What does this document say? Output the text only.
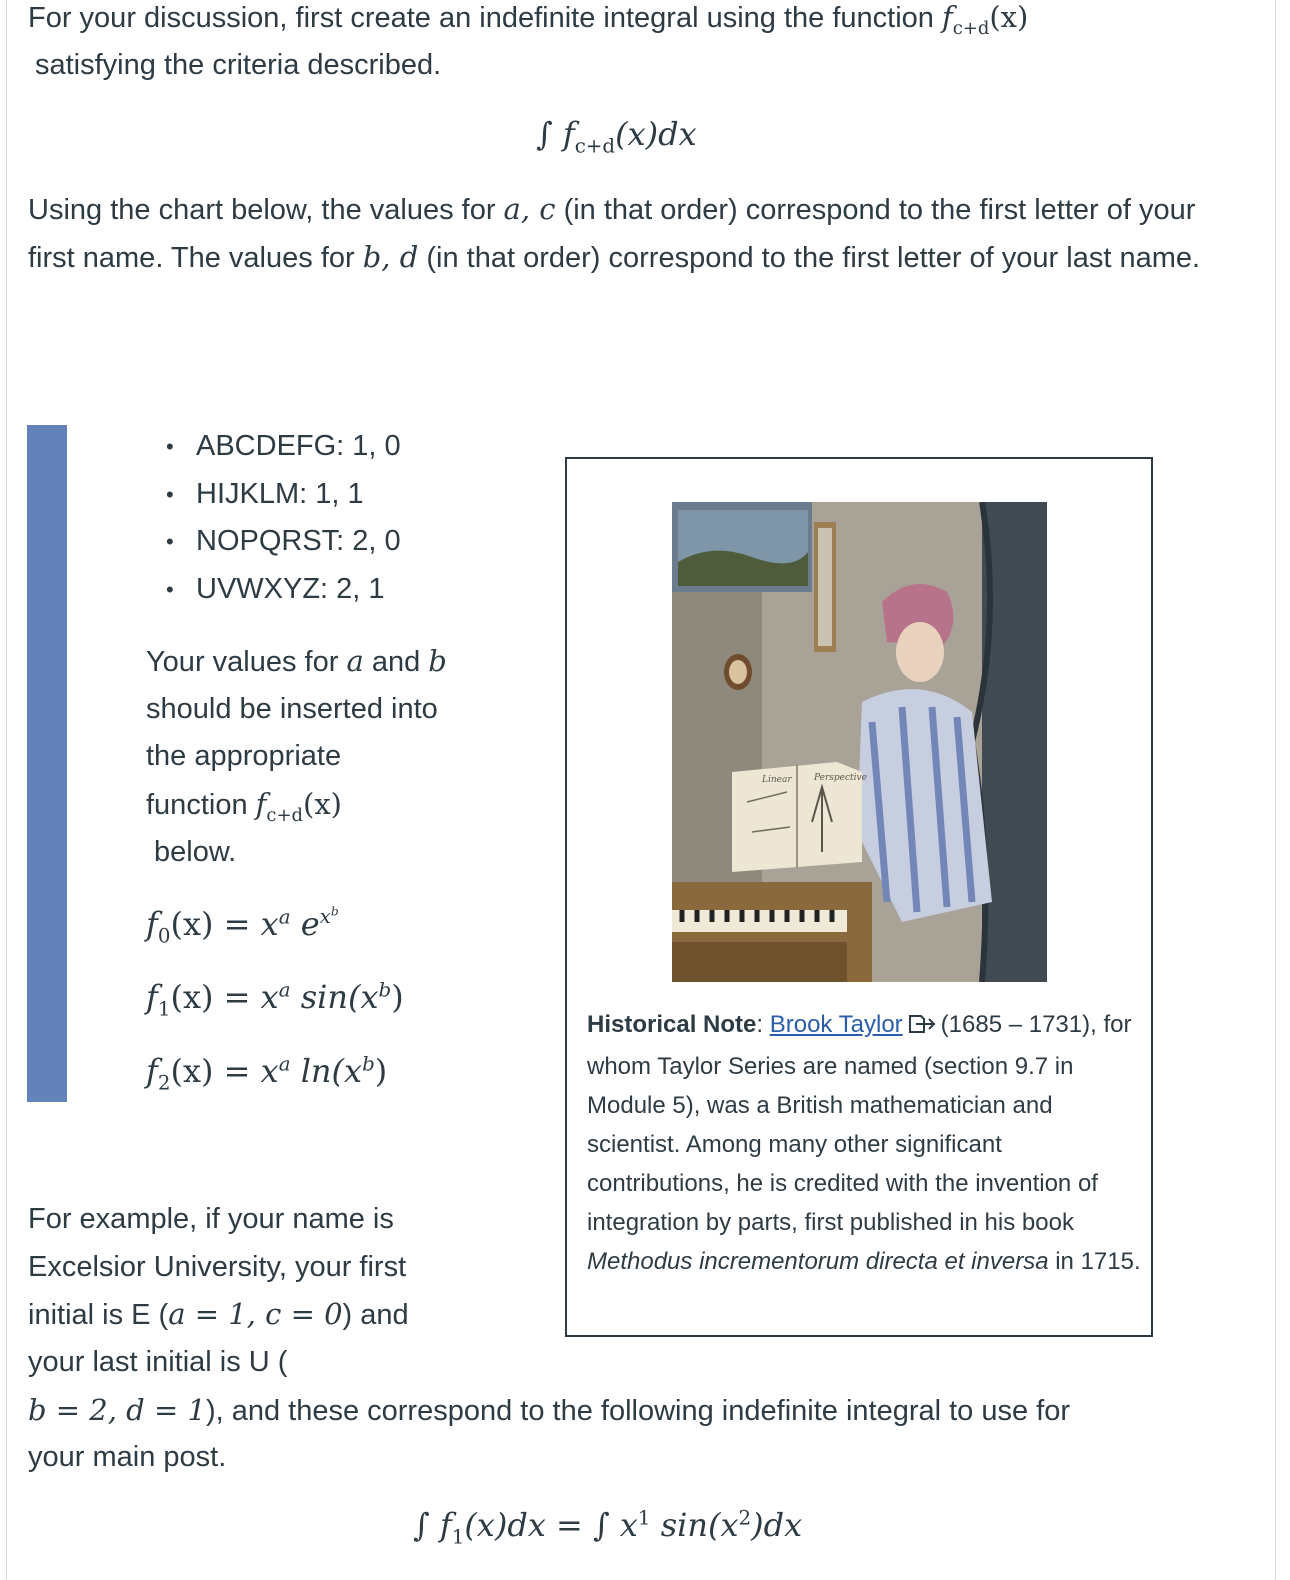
For your discussion, first create an indefinite integral using the function $f_{c+d}(x)$
satisfying the criteria described.
∫ $f_{c+d}(x)dx$
Using the chart below, the values for a, c (in that order) correspond to the first letter of your first name. The values for b, d (in that order) correspond to the first letter of your last name.
• ABCDEFG: 1, 0
• HIJKLM: 1, 1
• NOPQRST: 2, 0
• UVWXYZ: 2, 1
Your values for a and b
should be inserted into
the appropriate
function $f_{c+d}(x)$
below.
$f_0(x) = x^a$ $e^{x^b}$
$f_1(x) = x^a$ $\sin(x^b)$
$f_2(x) = x^a$ $\ln(x^b)$
Linear Perspective
Historical Note: Brook Taylor (1685 – 1731), for whom Taylor Series are named (section 9.7 in Module 5), was a British mathematician and scientist. Among many other significant contributions, he is credited with the invention of integration by parts, first published in his book Methodus incrementorum directa et inversa in 1715.
For example, if your name is
Excelsior University, your first
initial is E (a = 1, c = 0) and
your last initial is U (
b = 2, d = 1), and these correspond to the following indefinite integral to use for
your main post.
∫ $f_1(x)dx$ = ∫ $x^1$ $\sin(x^2)dx$
